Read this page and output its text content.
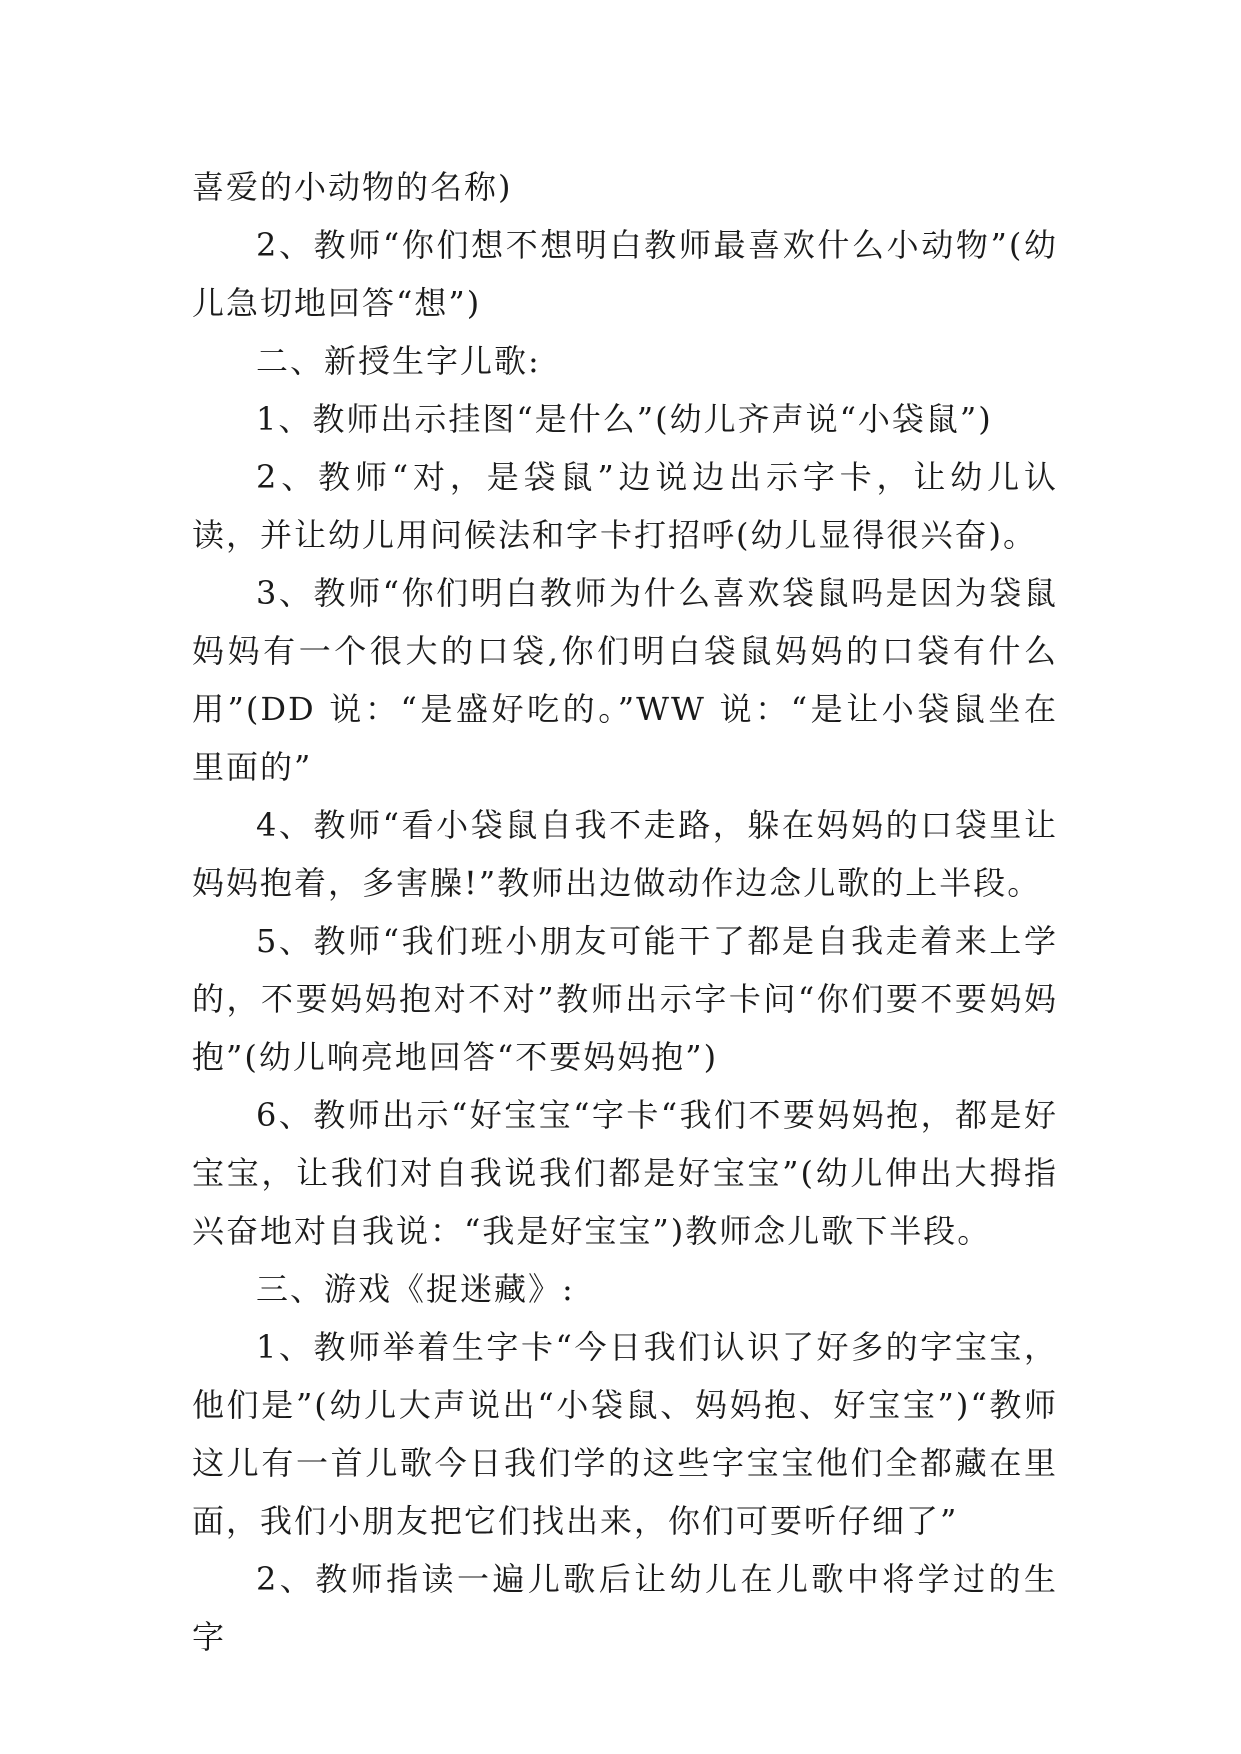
喜爱的小动物的名称)

2、教师“你们想不想明白教师最喜欢什么小动物”(幼儿急切地回答“想”)

二、新授生字儿歌:

1、教师出示挂图“是什么”(幼儿齐声说“小袋鼠”)

2、教师“对，是袋鼠”边说边出示字卡，让幼儿认读，并让幼儿用问候法和字卡打招呼(幼儿显得很兴奋)。

3、教师“你们明白教师为什么喜欢袋鼠吗是因为袋鼠妈妈有一个很大的口袋,你们明白袋鼠妈妈的口袋有什么用”(DD 说：“是盛好吃的。”WW 说：“是让小袋鼠坐在里面的”

4、教师“看小袋鼠自我不走路，躲在妈妈的口袋里让妈妈抱着，多害臊!”教师出边做动作边念儿歌的上半段。

5、教师“我们班小朋友可能干了都是自我走着来上学的，不要妈妈抱对不对”教师出示字卡问“你们要不要妈妈抱”(幼儿响亮地回答“不要妈妈抱”)

6、教师出示“好宝宝“字卡“我们不要妈妈抱，都是好宝宝，让我们对自我说我们都是好宝宝”(幼儿伸出大拇指兴奋地对自我说：“我是好宝宝”)教师念儿歌下半段。

三、游戏《捉迷藏》:

1、教师举着生字卡“今日我们认识了好多的字宝宝，他们是”(幼儿大声说出“小袋鼠、妈妈抱、好宝宝”)“教师这儿有一首儿歌今日我们学的这些字宝宝他们全都藏在里面，我们小朋友把它们找出来，你们可要听仔细了”

2、教师指读一遍儿歌后让幼儿在儿歌中将学过的生字
